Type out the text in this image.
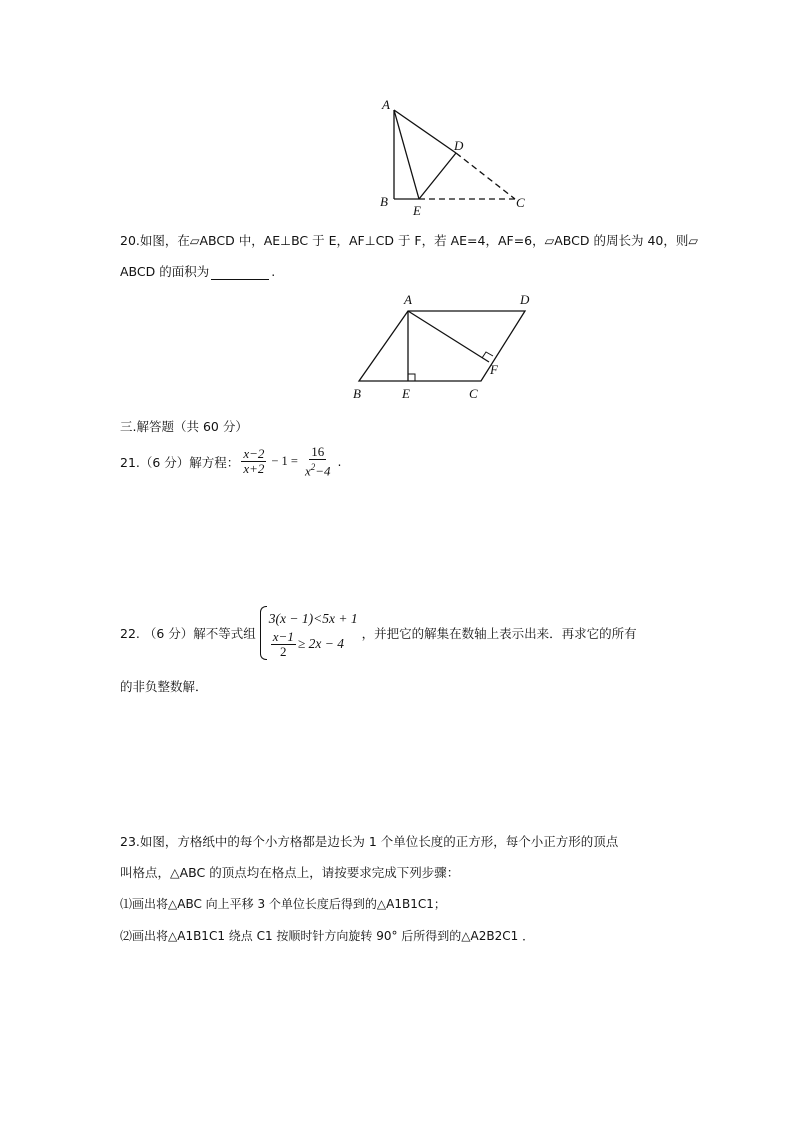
A
B
E
C
D
20.如图，在▱ABCD 中，AE⊥BC 于 E，AF⊥CD 于 F，若 AE=4，AF=6，▱ABCD 的周长为 40，则▱
ABCD 的面积为	.
A	D
F
B	E	C
三.解答题（共 60 分）
21.（6 分）解方程： $\frac{x-2}{x+2} - 1 = \frac{16}{x^2-4}$ .
22. （6 分）解不等式组
3(x − 1)<5x + 1
$\frac{x-1}{2} \ge 2x - 4$
，并把它的解集在数轴上表示出来．再求它的所有
的非负整数解．
23.如图，方格纸中的每个小方格都是边长为 1 个单位长度的正方形，每个小正方形的顶点
叫格点，△ABC 的顶点均在格点上，请按要求完成下列步骤：
⑴画出将△ABC 向上平移 3 个单位长度后得到的△A1B1C1；
⑵画出将△A1B1C1 绕点 C1 按顺时针方向旋转 90° 后所得到的△A2B2C1 ．
